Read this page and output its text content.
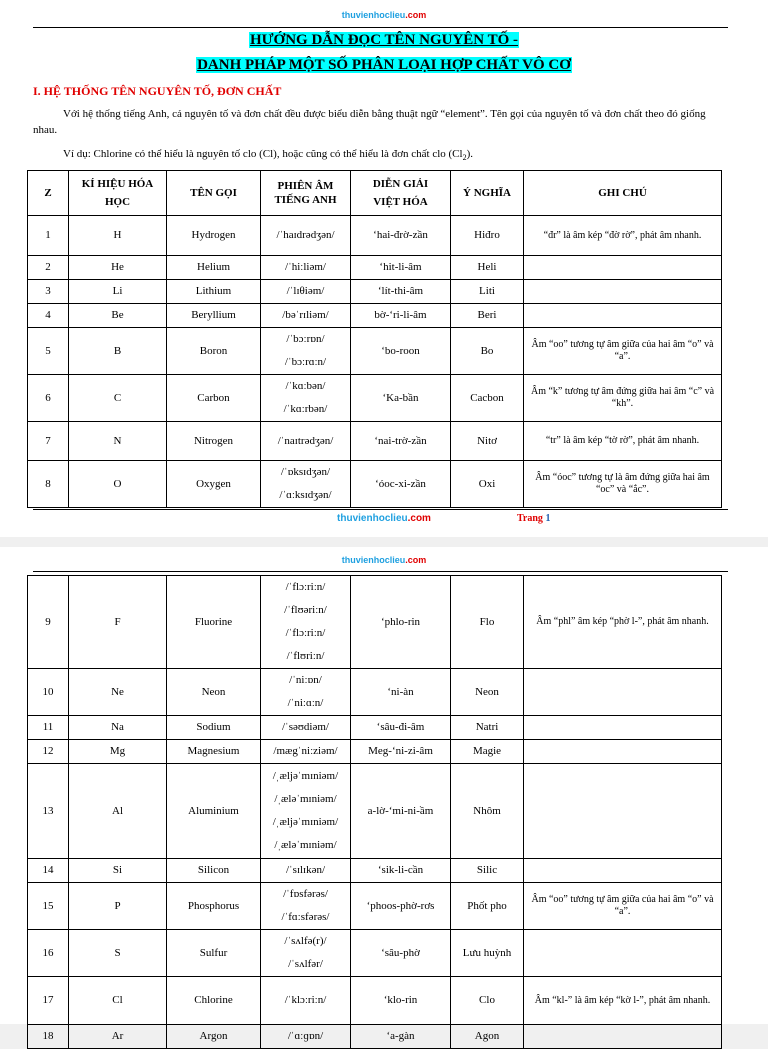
thuvienhoclieu.com
HƯỚNG DẪN ĐỌC TÊN NGUYÊN TỐ -
DANH PHÁP MỘT SỐ PHÂN LOẠI HỢP CHẤT VÔ CƠ
I. HỆ THỐNG TÊN NGUYÊN TỐ, ĐƠN CHẤT
Với hệ thống tiếng Anh, cả nguyên tố và đơn chất đều được biểu diễn bằng thuật ngữ “element”. Tên gọi của nguyên tố và đơn chất theo đó giống nhau.
Ví dụ: Chlorine có thể hiểu là nguyên tố clo (Cl), hoặc cũng có thể hiểu là đơn chất clo $(Cl_2)$.
Z	KÍ HIỆU HÓA HỌC	TÊN GỌI	PHIÊN ÂM TIẾNG ANH	DIỄN GIẢI VIỆT HÓA	Ý NGHĨA	GHI CHÚ
1	H	Hydrogen	/ˈhaɪdrədʒən/	‘hai-đrờ-zần	Hiđro	“đr” là âm kép “đờ rờ”, phát âm nhanh.
2	He	Helium	/ˈhiːliəm/	‘hit-li-âm	Heli	
3	Li	Lithium	/ˈlɪθiəm/	‘lít-thi-âm	Liti	
4	Be	Beryllium	/bəˈrɪliəm/	bờ-‘ri-li-âm	Beri	
5	B	Boron	/ˈbɔːrɒn/
/ˈbɔːrɑːn/	‘bo-roon	Bo	Âm “oo” tương tự âm giữa của hai âm “o” và “a”.
6	C	Carbon	/ˈkɑːbən/
/ˈkɑːrbən/	‘Ka-bần	Cacbon	Âm “k” tương tự âm đứng giữa hai âm “c” và “kh”.
7	N	Nitrogen	/ˈnaɪtrədʒən/	‘nai-trờ-zần	Nitơ	“tr” là âm kép “tờ rờ”, phát âm nhanh.
8	O	Oxygen	/ˈɒksɪdʒən/
/ˈɑːksɪdʒən/	‘óoc-xi-zần	Oxi	Âm “óoc” tương tự là âm đứng giữa hai âm “oc” và “ắc”.
thuvienhoclieu.com	Trang 1
thuvienhoclieu.com
9	F	Fluorine	/ˈflɔːriːn/
/ˈflʊəriːn/
/ˈflɔːriːn/
/ˈflʊriːn/	‘phlo-rin	Flo	Âm “phl” âm kép “phờ l-”, phát âm nhanh.
10	Ne	Neon	/ˈniːɒn/
/ˈniːɑːn/	‘ni-àn	Neon	
11	Na	Sodium	/ˈsəʊdiəm/	‘sâu-đi-âm	Natri	
12	Mg	Magnesium	/mægˈniːziəm/	Meg-‘ni-zi-âm	Magie	
13	Al	Aluminium	/ˌæljəˈmɪniəm/
/ˌæləˈmɪniəm/
/ˌæljəˈmɪniəm/
/ˌæləˈmɪniəm/	a-lờ-‘mi-ni-ầm	Nhôm	
14	Si	Silicon	/ˈsɪlɪkən/	‘sik-li-cần	Silic	
15	P	Phosphorus	/ˈfɒsfərəs/
/ˈfɑːsfərəs/	‘phoos-phờ-rơs	Phốt pho	Âm “oo” tương tự âm giữa của hai âm “o” và “a”.
16	S	Sulfur	/ˈsʌlfə(r)/
/ˈsʌlfər/	‘sâu-phờ	Lưu huỳnh	
17	Cl	Chlorine	/ˈklɔːriːn/	‘klo-rin	Clo	Âm “kl-” là âm kép “kờ l-”, phát âm nhanh.
18	Ar	Argon	/ˈɑːɡɒn/	‘a-gàn	Agon	
